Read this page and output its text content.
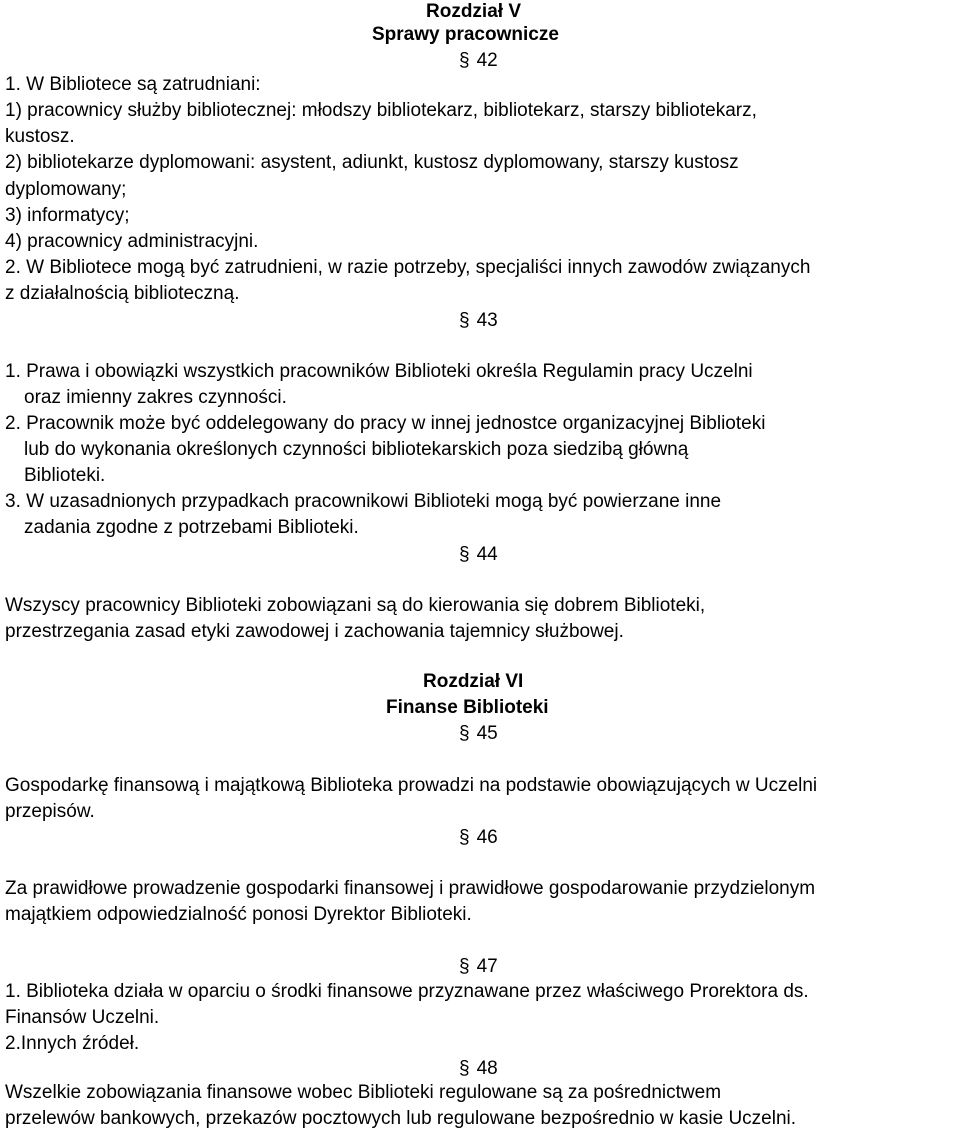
Rozdział V
Sprawy pracownicze
§ 42
1. W Bibliotece są zatrudniani:
1) pracownicy służby bibliotecznej: młodszy bibliotekarz, bibliotekarz, starszy bibliotekarz,
kustosz.
2) bibliotekarze dyplomowani: asystent, adiunkt, kustosz dyplomowany, starszy kustosz
dyplomowany;
3) informatycy;
4) pracownicy administracyjni.
2. W Bibliotece mogą być zatrudnieni, w razie potrzeby, specjaliści innych zawodów związanych
z działalnością biblioteczną.
§ 43
1. Prawa i obowiązki wszystkich pracowników Biblioteki określa Regulamin pracy Uczelni
oraz imienny zakres czynności.
2. Pracownik może być oddelegowany do pracy w innej jednostce organizacyjnej Biblioteki
lub do wykonania określonych czynności bibliotekarskich poza siedzibą główną
Biblioteki.
3. W uzasadnionych przypadkach pracownikowi Biblioteki mogą być powierzane inne
zadania zgodne z potrzebami Biblioteki.
§ 44
Wszyscy pracownicy Biblioteki zobowiązani są do kierowania się dobrem Biblioteki,
przestrzegania zasad etyki zawodowej i zachowania tajemnicy służbowej.
Rozdział VI
Finanse Biblioteki
§ 45
Gospodarkę finansową i majątkową Biblioteka prowadzi na podstawie obowiązujących w Uczelni
przepisów.
§ 46
Za prawidłowe prowadzenie gospodarki finansowej i prawidłowe gospodarowanie przydzielonym
majątkiem odpowiedzialność ponosi Dyrektor Biblioteki.
§ 47
1. Biblioteka działa w oparciu o środki finansowe przyznawane przez właściwego Prorektora ds.
Finansów Uczelni.
2.Innych źródeł.
§ 48
Wszelkie zobowiązania finansowe wobec Biblioteki regulowane są za pośrednictwem
przelewów bankowych, przekazów pocztowych lub regulowane bezpośrednio w kasie Uczelni.
